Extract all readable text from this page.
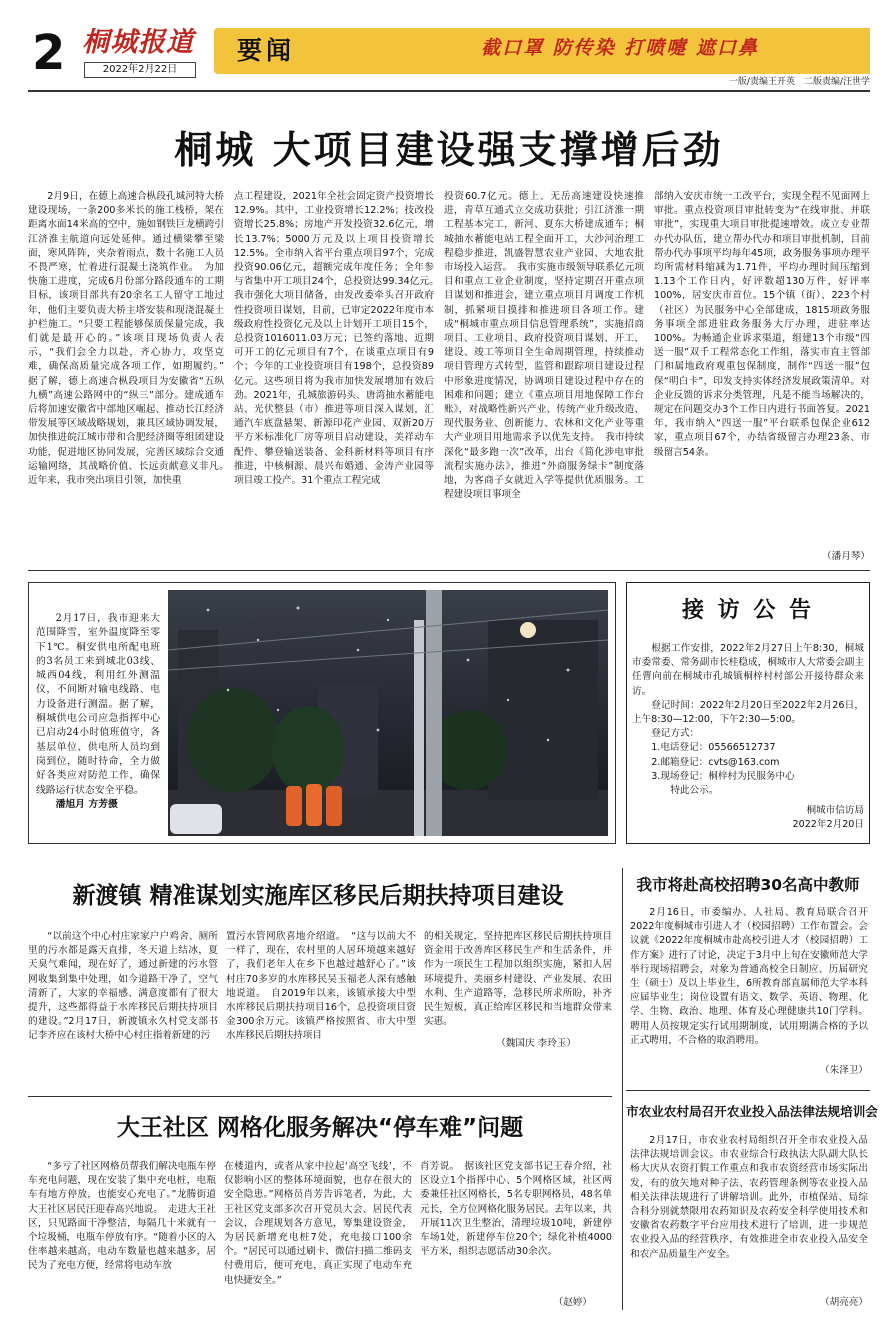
2 桐城报道
2022年2月22日
要闻	截口罩 防传染 打喷嚏 遮口鼻
一版/责编王开英　二版责编/汪世学
桐城 大项目建设强支撑增后劲

2月9日，在德上高速合枞段孔城河特大桥建设现场，一条200多米长的施工栈桥，架在距离水面14米高的空中，施如钢铁巨龙横跨引江济淮主航道向远处延伸。通过横梁攀至梁面，寒风阵阵，夹杂着雨点，数十名施工人员不畏严寒，忙着进行混凝土浇筑作业。　为加快施工进度，完成6月份部分路段通车的工期目标，该项目部共有20余名工人留守工地过年，他们主要负责大桥主塔安装和现浇混凝土护栏施工。“只要工程能够保质保量完成，我们就是最开心的。”该项目现场负责人表示，“我们会全力以赴，齐心协力，攻坚克难，确保高质量完成各项工作，如期履约。”　据了解，德上高速合枞段项目为安徽省“五纵九横”高速公路网中的“纵三”部分。建成通车后将加速安徽省中部地区崛起、推动长江经济带发展等区域战略规划，兼具区域协调发展，加快推进皖江城市带和合肥经济圈等组团建设功能，促进地区协同发展，完善区域综合交通运输网络，其战略价值、长远贡献意义非凡。　近年来，我市突出项目引领，加快重

点工程建设，2021年全社会固定资产投资增长12.9%。其中，工业投资增长12.2%；技改投资增长25.8%；房地产开发投资32.6亿元，增长13.7%；5000万元及以上项目投资增长12.5%。全市纳入省平台重点项目97个，完成投资90.06亿元，超额完成年度任务；全年参与省集中开工项目24个，总投资达99.34亿元。　我市强化大项目储备，由发改委牵头召开政府性投资项目谋划，目前，已审定2022年度市本级政府性投资亿元及以上计划开工项目15个，总投资1016011.03万元；已签约落地、近期可开工的亿元项目有7个，在谈重点项目有9个；今年的工业投资项目有198个，总投资89亿元。这些项目将为我市加快发展增加有效后劲。2021年，孔城旅游码头、唐湾抽水蓄能电站、光伏整县（市）推进等项目深入谋划，汇通汽车底盘悬架、新源印花产业园、双新20万平方米标准化厂房等项目启动建设，美祥动车配件、攀登输送装备、金科新材料等项目有序推进，中核桐源、晨兴布婚通、金涛产业园等项目竣工投产。31个重点工程完成

投资60.7亿元。德上、无岳高速建设快速推进，青草互通式立交成功获批；引江济淮一期工程基本完工，新河、夏东大桥建成通车；桐城抽水蓄能电站工程全面开工，大沙河治理工程稳步推进，凯盛智慧农业产业园、大地农批市场投入运营。　我市实施市级领导联系亿元项目和重点工业企业制度，坚持定期召开重点项目谋划和推进会，建立重点项目月调度工作机制，抓紧项目摸排和推进项目各项工作。建成“桐城市重点项目信息管理系统”，实施招商项目、工业项目、政府投资项目谋划、开工、建设、竣工等项目全生命周期管理，持续推动项目管理方式转型，监管和跟踪项目建设过程中形象进度情况，协调项目建设过程中存在的困难和问题；建立《重点项目用地保障工作台账》，对战略性新兴产业、传统产业升级改造、现代服务业、创新能力、农林和文化产业等重大产业项目用地需求予以优先支持。　我市持续深化“最多跑一次”改革，出台《简化涉电审批流程实施办法》，推进“外商服务绿卡”制度落地，为客商子女就近入学等提供优质服务。工程建设项目事项全

部纳入安庆市统一工改平台，实现全程不见面网上审批。重点投资项目审批转变为“在线审批、并联审批”，实现重大项目审批提速增效。成立专业帮办代办队伍，建立帮办代办和项目审批机制，目前帮办代办事项平均每年45项，政务服务事项办理平均所需材料缩减为1.71件，平均办理时间压缩到1.13个工作日内，好评数超130万件，好评率100%，居安庆市首位。15个镇（街）、223个村（社区）为民服务中心全部建成，1815项政务服务事项全部进驻政务服务大厅办理，进驻率达100%。为畅通企业诉求渠道，组建13个市级“四送一服”双千工程常态化工作组，落实市直主管部门和属地政府观重包保制度，制作“四送一服”包保“明白卡”，印发支持实体经济发展政策清单。对企业反馈的诉求分类管理，凡是不能当场解决的，规定在问题交办3个工作日内进行书面答复。2021年，我市纳入“四送一服”平台联系包保企业612家，重点项目67个，办结省级留言办理23条、市级留言54条。

（潘月琴）
2月17日，我市迎来大范围降雪，室外温度降至零下1℃。桐安供电所配电班的3名员工来到城北03线、城西04线，利用红外测温仪，不间断对输电线路、电力设备进行测温。据了解，桐城供电公司应急指挥中心已启动24小时值班值守，各基层单位、供电所人员均到岗到位，随时待命，全力做好各类应对防范工作，确保线路运行状态安全平稳。
潘旭月 方芳摄
接 访 公 告

根据工作安排，2022年2月27日上午8:30，桐城市委常委、常务副市长桂稳成，桐城市人大常委会副主任曹向前在桐城市孔城镇桐梓村村部公开接待群众来访。

登记时间：2022年2月20日至2022年2月26日，上午8:30—12:00，下午2:30—5:00。

登记方式：

1.电话登记：05566512737

2.邮箱登记：cvts@163.com

3.现场登记：桐梓村为民服务中心

特此公示。

桐城市信访局
2022年2月20日
新渡镇 精准谋划实施库区移民后期扶持项目建设

“以前这个中心村庄家家户户鸡舍、厕所里的污水都是露天直排，冬天道上结冰，夏天臭气难闻，现在好了，通过新建的污水管网收集到集中处理，如今道路干净了，空气清新了，大家的幸福感、满意度都有了很大提升，这些都得益于水库移民后期扶持项目的建设。”2月17日，新渡镇永久村党支部书记李齐应在该村大桥中心村庄指着新建的污

置污水管网欣喜地介绍道。　“这与以前大不一样了，现在，农村里的人居环境越来越好了，我们老年人在乡下也越过越舒心了。”该村庄70多岁的水库移民吴玉福老人深有感触地说道。　自2019年以来，该镇承接大中型水库移民后期扶持项目16个，总投资项目资金300余万元。该镇严格按照省、市大中型水库移民后期扶持项目

的相关规定，坚持把库区移民后期扶持项目资金用于改善库区移民生产和生活条件，并作为一项民生工程加以组织实施，紧扣人居环境提升、美丽乡村建设、产业发展、农田水利、生产道路等，急移民所求所盼，补齐民生短板，真正给库区移民和当地群众带来实惠。

（魏国庆 李玲玉）
大王社区 网格化服务解决“停车难”问题

“多亏了社区网格员帮我们解决电瓶车停车充电问题，现在安装了集中充电桩，电瓶车有地方停放，也能安心充电了。”龙腾街道大王社区居民汪迎春高兴地说。　走进大王社区，只见路面干净整洁，每隔几十米就有一个垃圾桶，电瓶车停放有序。“随着小区的入住率越来越高，电动车数量也越来越多，居民为了充电方便，经常将电动车放

在楼道内，或者从家中拉起‘高空飞线’，不仅影响小区的整体环境面貌，也存在很大的安全隐患。”网格员肖芳告诉笔者，为此，大王社区党支部多次召开党员大会、居民代表会议，合理规划各方意见，筹集建设资金，为居民新增充电桩7处，充电接口100余个。“居民可以通过刷卡、微信扫描二维码支付费用后，便可充电，真正实现了电动车充电快捷安全。”

肖芳说。　据该社区党支部书记王春介绍，社区设立1个指挥中心、5个网格区域，社区两委兼任社区网格长，5名专职网格员，48名单元长，全方位网格化服务居民。去年以来，共开展11次卫生整治，清理垃圾10吨，新建停车场1处，新建停车位20个；绿化补植4000平方米，组织志愿活动30余次。

（赵婷）
我市将赴高校招聘30名高中教师

2月16日，市委编办、人社局、教育局联合召开2022年度桐城市引进人才（校园招聘）工作布置会。会议就《2022年度桐城市赴高校引进人才（校园招聘）工作方案》进行了讨论，决定于3月中上旬在安徽师范大学举行现场招聘会，对象为普通高校全日制应、历届研究生（硕士）及以上毕业生，6所教育部直属师范大学本科应届毕业生；岗位设置有语文、数学、英语、物理、化学、生物、政治、地理、体育及心理健康共10门学科。聘用人员按规定实行试用期制度，试用期满合格的予以正式聘用，不合格的取消聘用。

（朱泽卫）
市农业农村局召开农业投入品法律法规培训会

2月17日，市农业农村局组织召开全市农业投入品法律法规培训会议。市农业综合行政执法大队副大队长杨大庆从农资打假工作重点和我市农资经营市场实际出发，有的放矢地对种子法、农药管理条例等农业投入品相关法律法规进行了讲解培训。此外，市植保站、局综合科分别就禁限用农药知识及农药安全科学使用技术和安徽省农药数字平台应用技术进行了培训，进一步规范农业投入品的经营秩序，有效推进全市农业投入品安全和农产品质量生产安全。

（胡亮亮）
